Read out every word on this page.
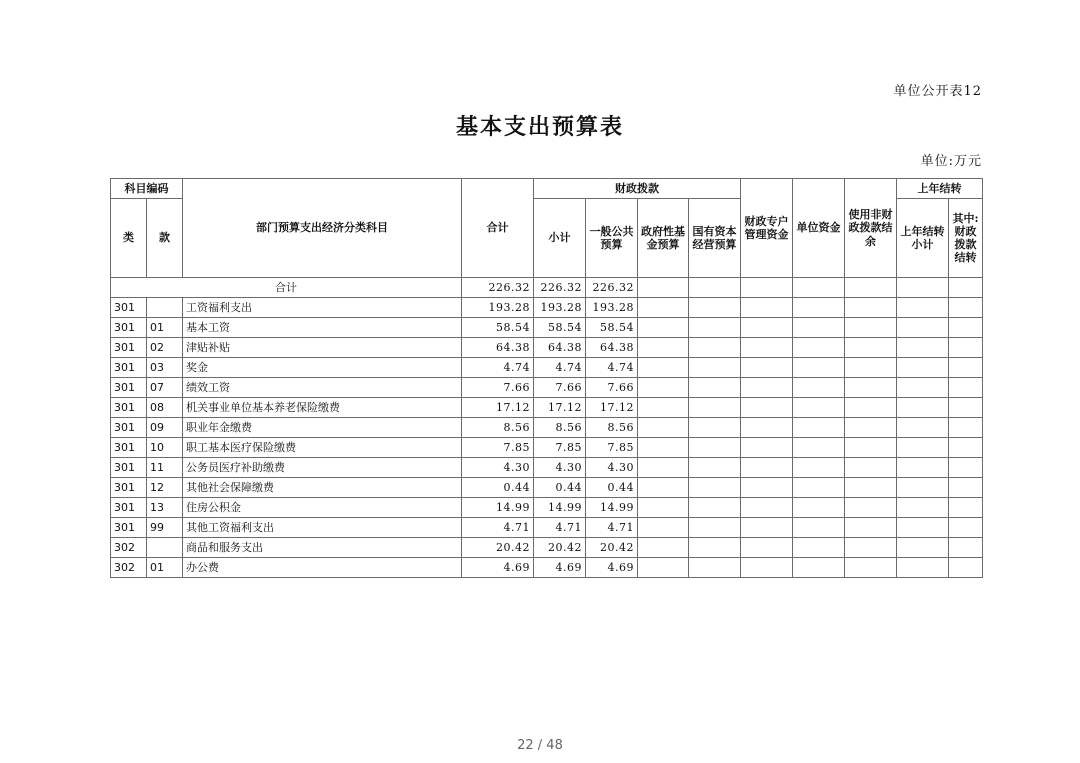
单位公开表12
基本支出预算表
单位:万元
科目编码		部门预算支出经济分类科目	合计	财政拨款				财政专户管理资金	单位资金	使用非财政拨款结余	上年结转	
类	款			小计	一般公共预算	政府性基金预算	国有资本经营预算				上年结转小计	其中:财政拨款结转
合计			226.32	226.32	226.32							
301		工资福利支出	193.28	193.28	193.28							
301	01	基本工资	58.54	58.54	58.54							
301	02	津贴补贴	64.38	64.38	64.38							
301	03	奖金	4.74	4.74	4.74							
301	07	绩效工资	7.66	7.66	7.66							
301	08	机关事业单位基本养老保险缴费	17.12	17.12	17.12							
301	09	职业年金缴费	8.56	8.56	8.56							
301	10	职工基本医疗保险缴费	7.85	7.85	7.85							
301	11	公务员医疗补助缴费	4.30	4.30	4.30							
301	12	其他社会保障缴费	0.44	0.44	0.44							
301	13	住房公积金	14.99	14.99	14.99							
301	99	其他工资福利支出	4.71	4.71	4.71							
302		商品和服务支出	20.42	20.42	20.42							
302	01	办公费	4.69	4.69	4.69							
22 / 48
